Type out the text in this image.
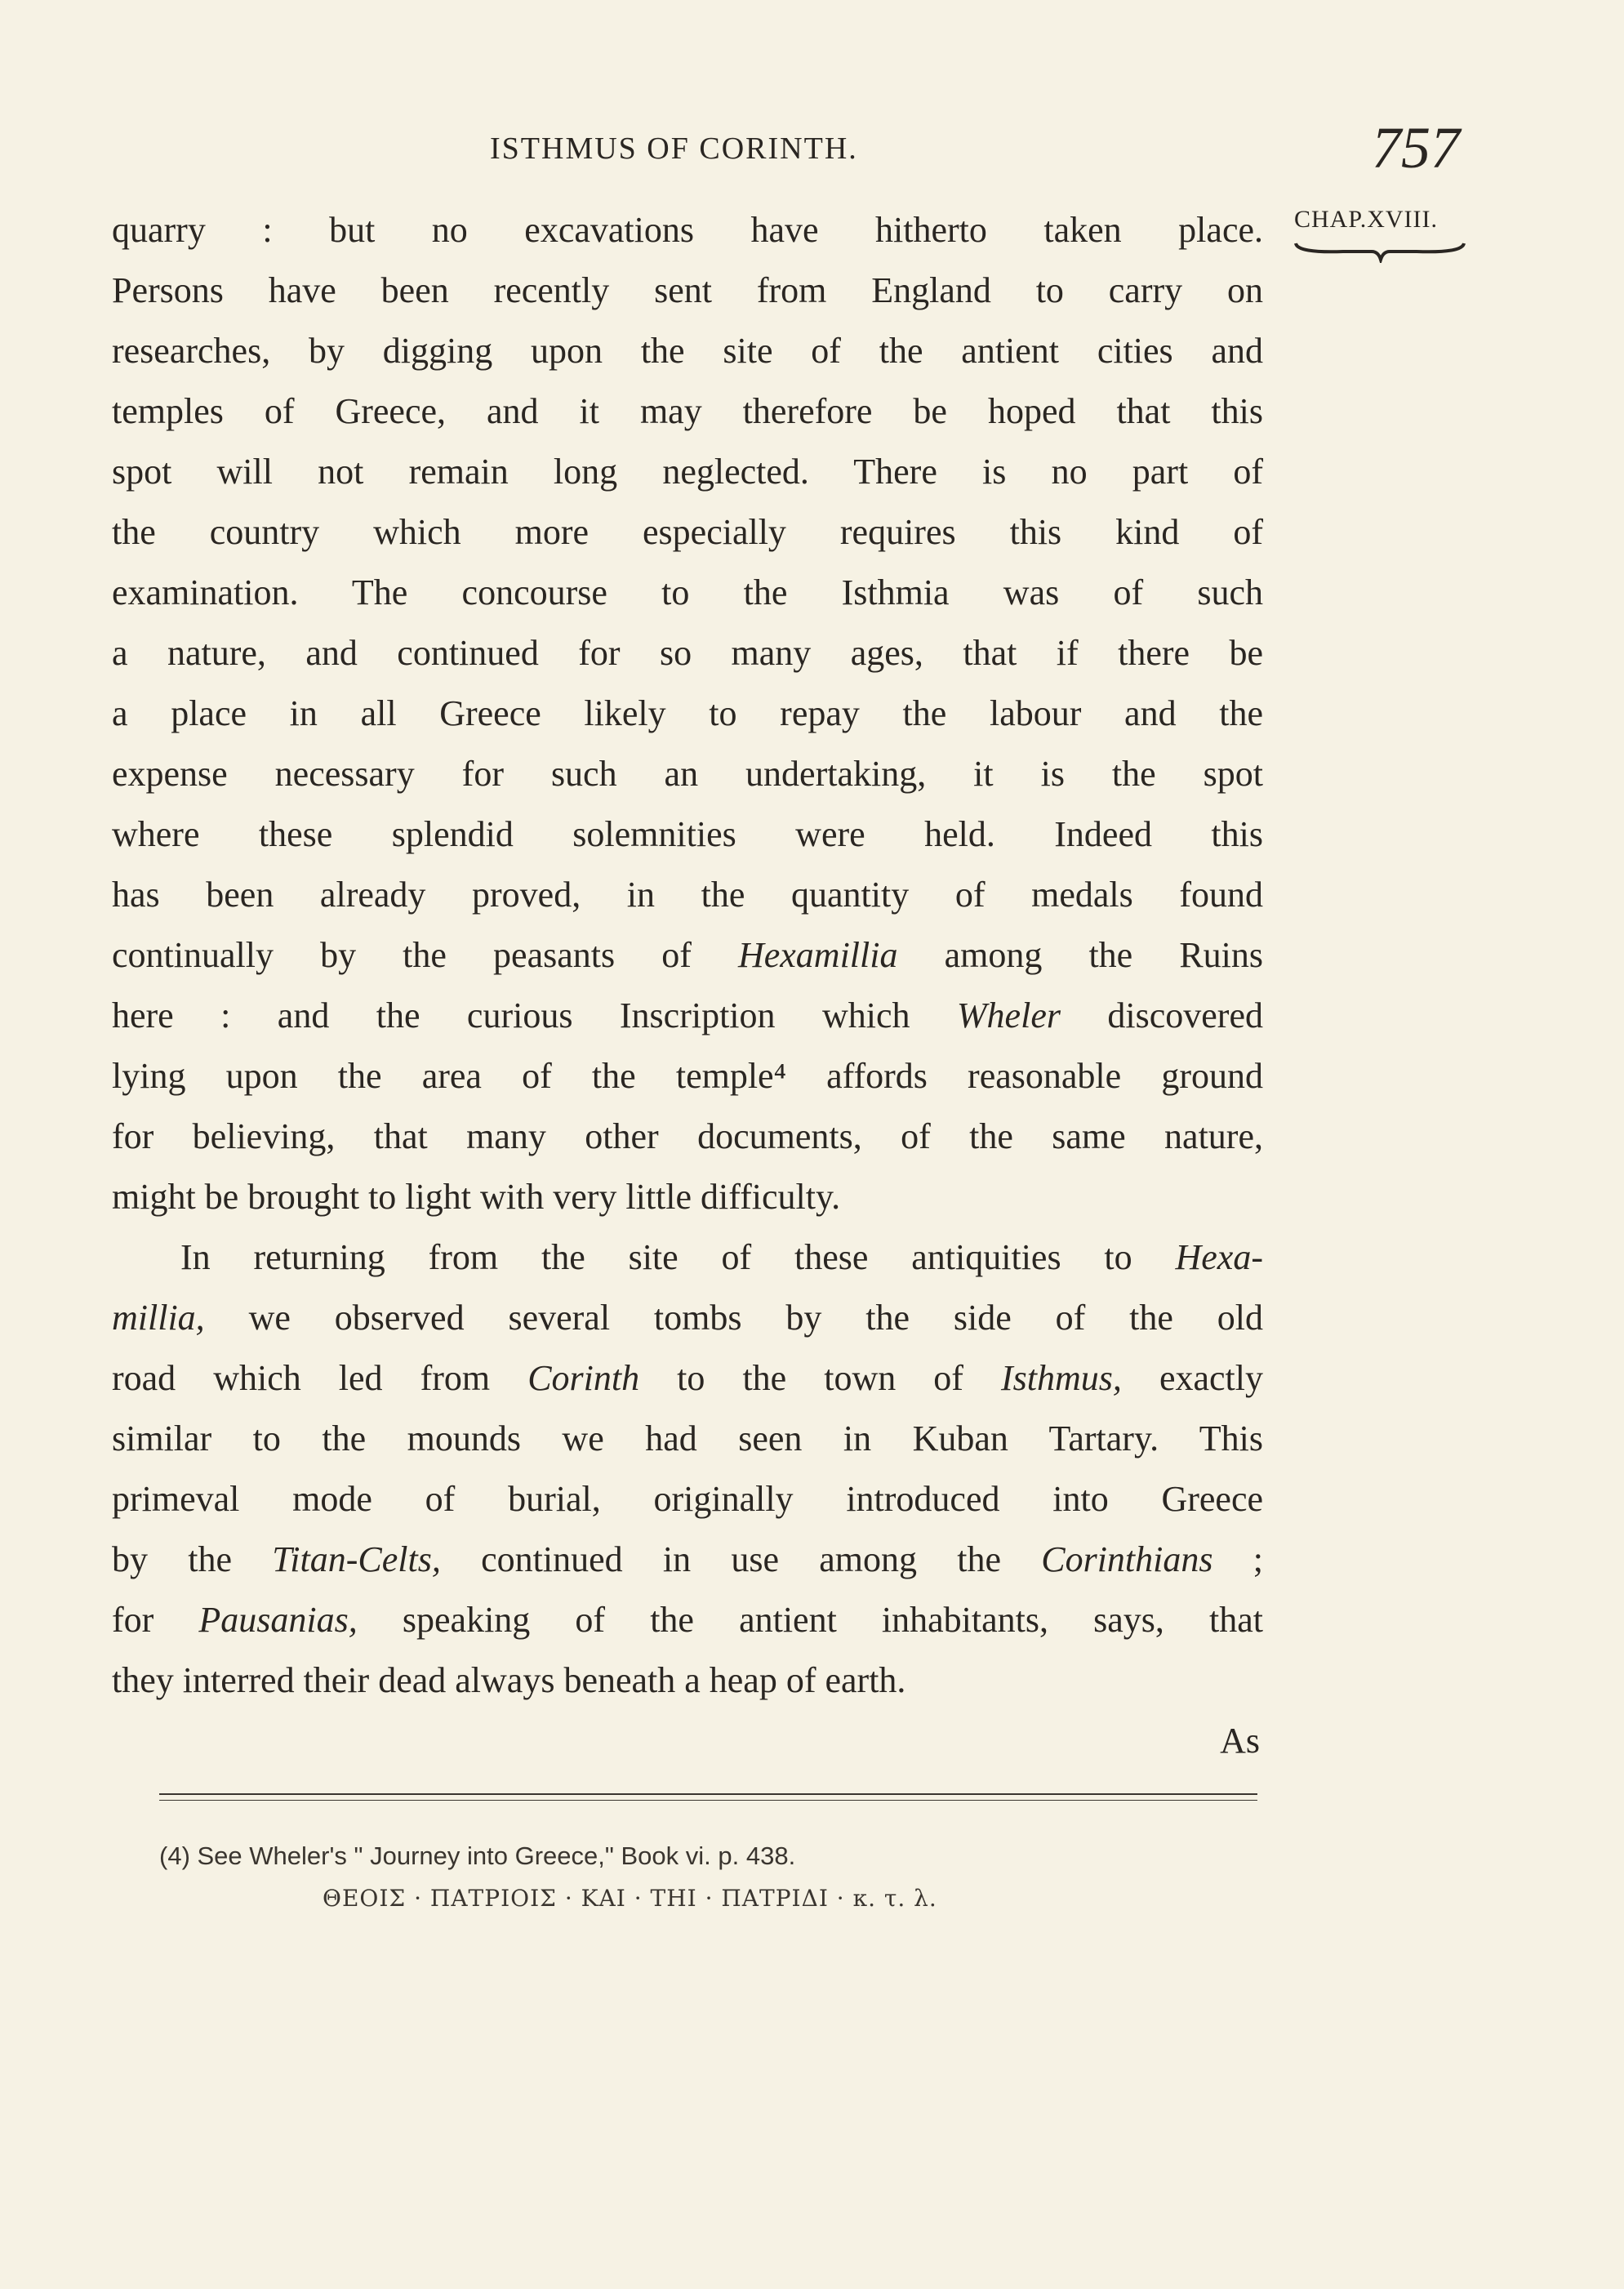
ISTHMUS OF CORINTH.	757
CHAP.XVIII.
quarry : but no excavations have hitherto taken place.
Persons have been recently sent from England to carry on
researches, by digging upon the site of the antient cities and
temples of Greece, and it may therefore be hoped that this
spot will not remain long neglected. There is no part of
the country which more especially requires this kind of
examination. The concourse to the Isthmia was of such
a nature, and continued for so many ages, that if there be
a place in all Greece likely to repay the labour and the
expense necessary for such an undertaking, it is the spot
where these splendid solemnities were held. Indeed this
has been already proved, in the quantity of medals found
continually by the peasants of Hexamillia among the Ruins
here : and the curious Inscription which Wheler discovered
lying upon the area of the temple⁴ affords reasonable ground
for believing, that many other documents, of the same nature,
might be brought to light with very little difficulty.
In returning from the site of these antiquities to Hexa-
millia, we observed several tombs by the side of the old
road which led from Corinth to the town of Isthmus, exactly
similar to the mounds we had seen in Kuban Tartary. This
primeval mode of burial, originally introduced into Greece
by the Titan-Celts, continued in use among the Corinthians ;
for Pausanias, speaking of the antient inhabitants, says, that
they interred their dead always beneath a heap of earth.
As
(4) See Wheler's " Journey into Greece," Book vi. p. 438.
ΘΕΟΙΣ · ΠΑΤΡΙΟΙΣ · ΚΑΙ · ΤΗΙ · ΠΑΤΡΙΔΙ · κ. τ. λ.
